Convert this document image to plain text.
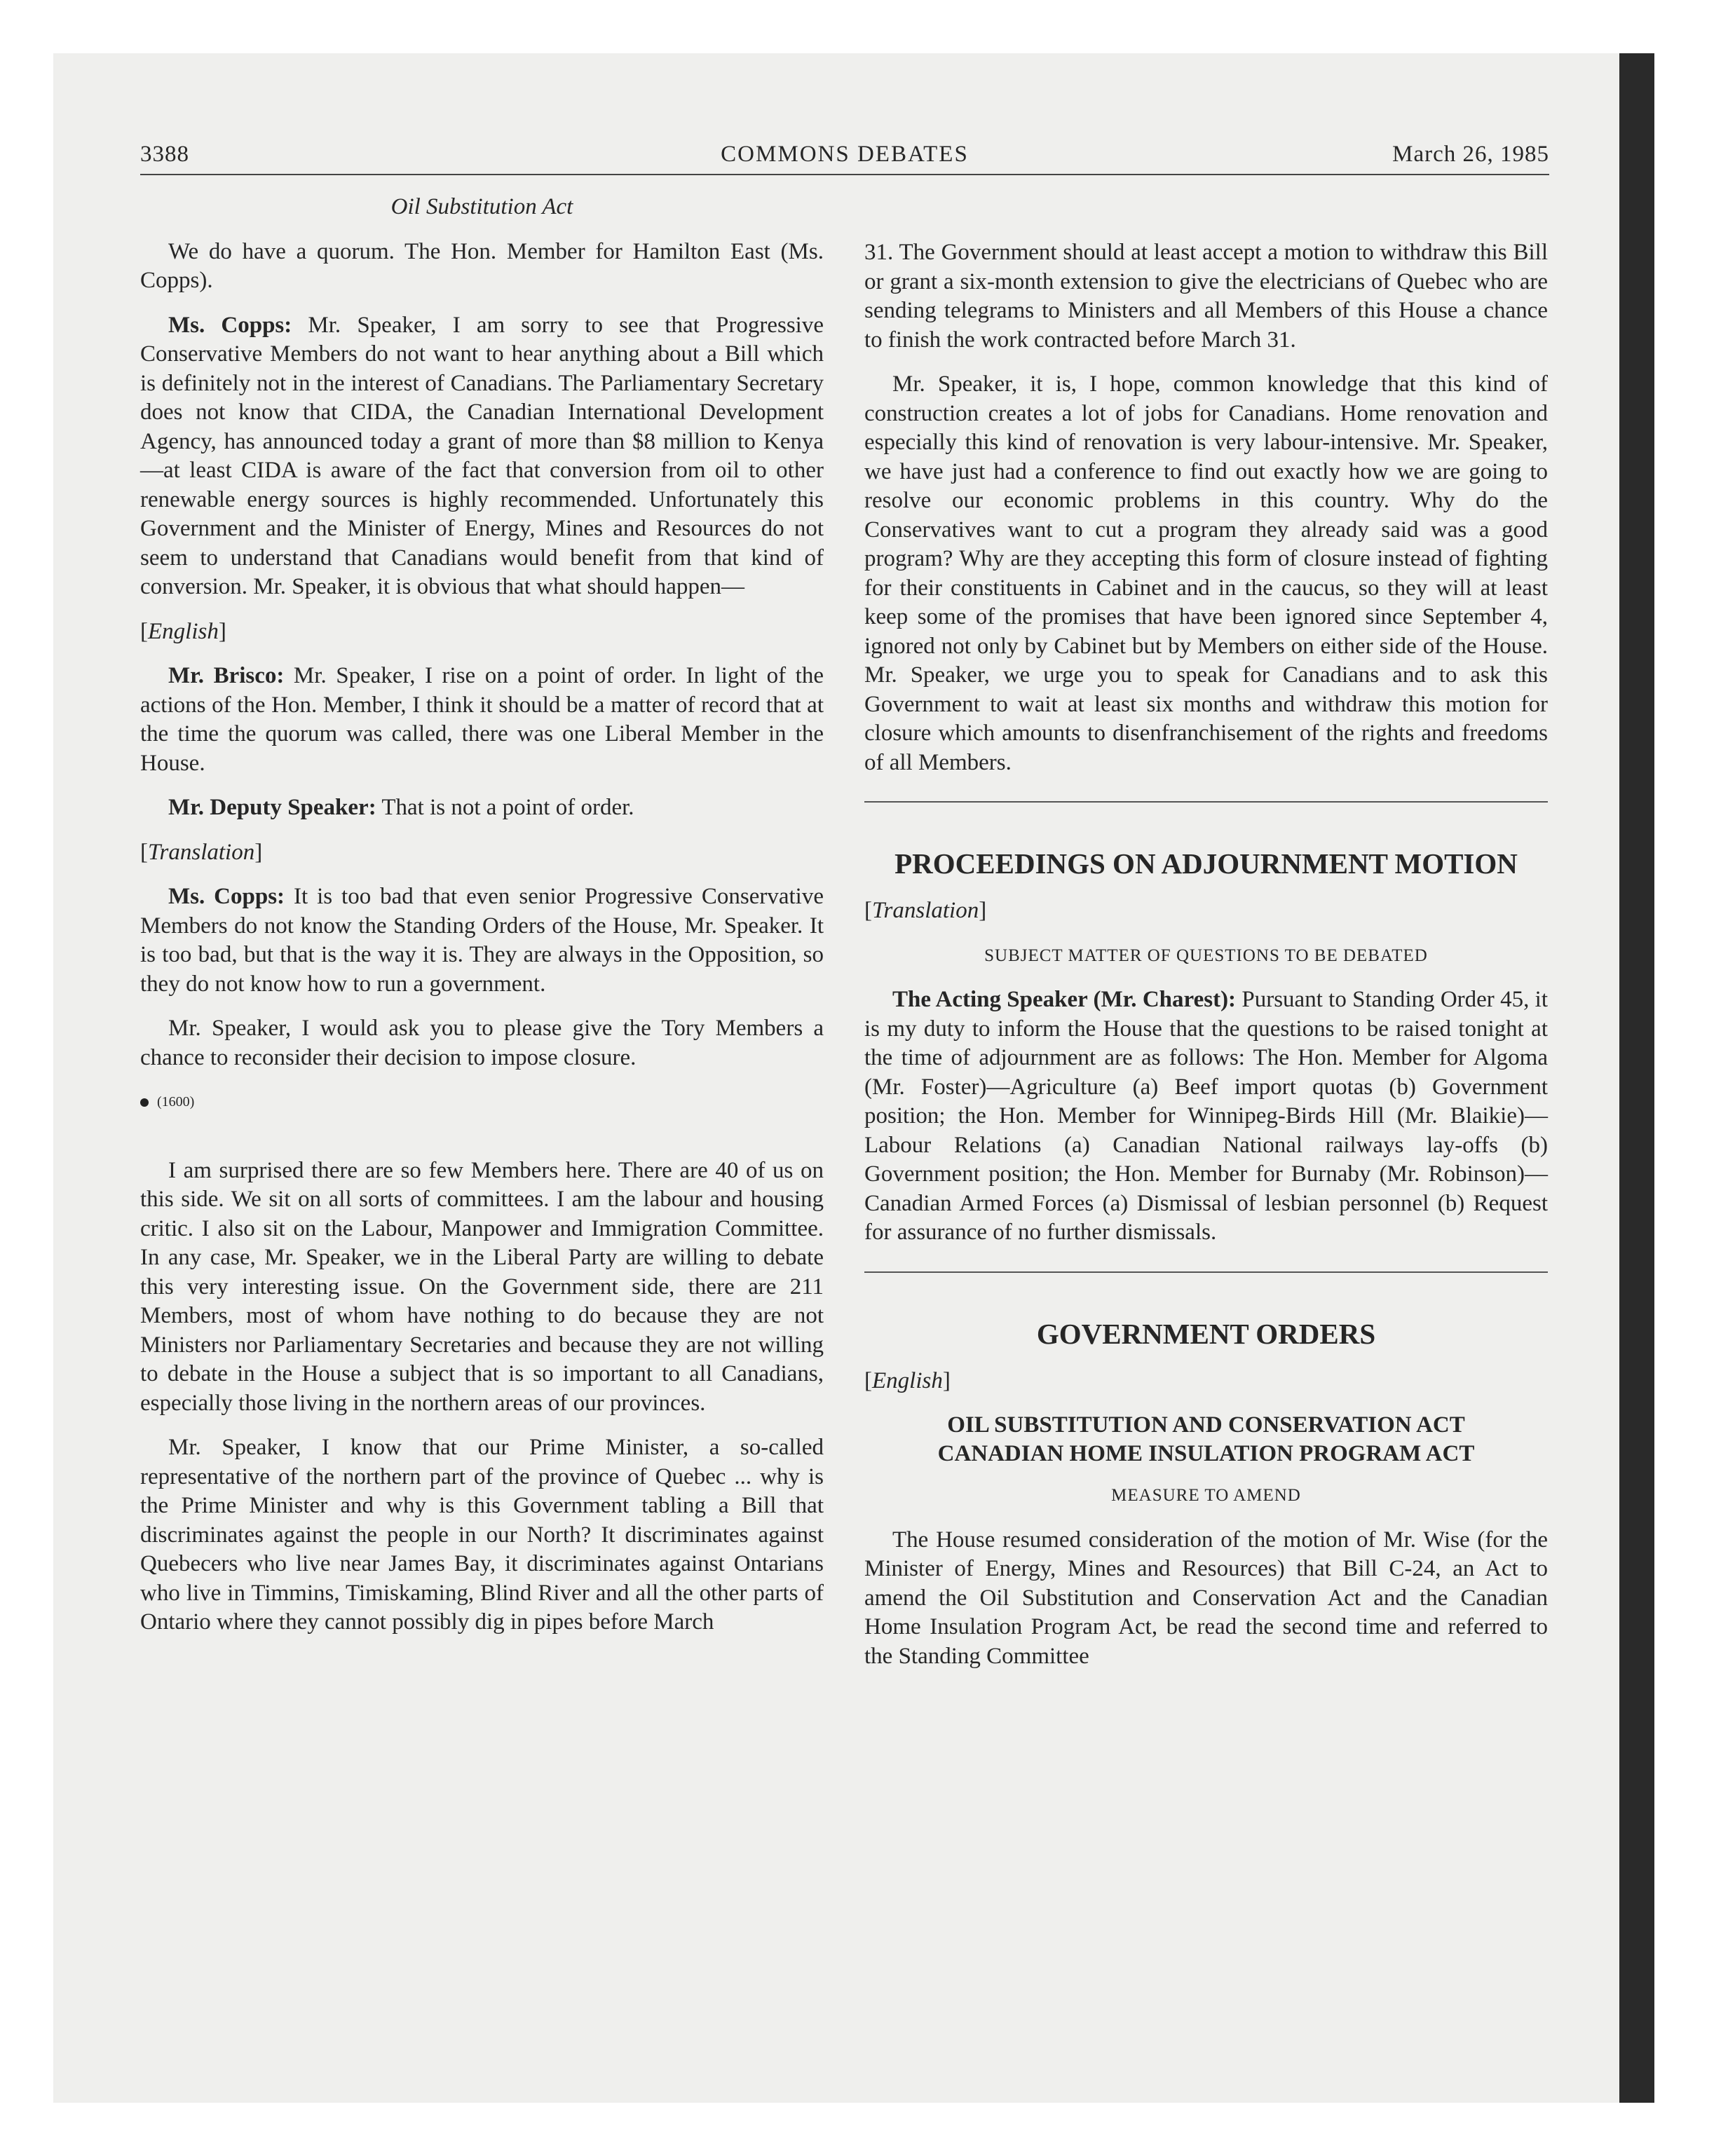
3388	COMMONS DEBATES	March 26, 1985
Oil Substitution Act

We do have a quorum. The Hon. Member for Hamilton East (Ms. Copps).

Ms. Copps: Mr. Speaker, I am sorry to see that Progressive Conservative Members do not want to hear anything about a Bill which is definitely not in the interest of Canadians. The Parliamentary Secretary does not know that CIDA, the Canadian International Development Agency, has announced today a grant of more than $8 million to Kenya—at least CIDA is aware of the fact that conversion from oil to other renewable energy sources is highly recommended. Unfortunately this Government and the Minister of Energy, Mines and Resources do not seem to understand that Canadians would benefit from that kind of conversion. Mr. Speaker, it is obvious that what should happen—

[English]

Mr. Brisco: Mr. Speaker, I rise on a point of order. In light of the actions of the Hon. Member, I think it should be a matter of record that at the time the quorum was called, there was one Liberal Member in the House.

Mr. Deputy Speaker: That is not a point of order.

[Translation]

Ms. Copps: It is too bad that even senior Progressive Conservative Members do not know the Standing Orders of the House, Mr. Speaker. It is too bad, but that is the way it is. They are always in the Opposition, so they do not know how to run a government.

Mr. Speaker, I would ask you to please give the Tory Members a chance to reconsider their decision to impose closure.

(1600)

I am surprised there are so few Members here. There are 40 of us on this side. We sit on all sorts of committees. I am the labour and housing critic. I also sit on the Labour, Manpower and Immigration Committee. In any case, Mr. Speaker, we in the Liberal Party are willing to debate this very interesting issue. On the Government side, there are 211 Members, most of whom have nothing to do because they are not Ministers nor Parliamentary Secretaries and because they are not willing to debate in the House a subject that is so important to all Canadians, especially those living in the northern areas of our provinces.

Mr. Speaker, I know that our Prime Minister, a so-called representative of the northern part of the province of Quebec ... why is the Prime Minister and why is this Government tabling a Bill that discriminates against the people in our North? It discriminates against Quebecers who live near James Bay, it discriminates against Ontarians who live in Timmins, Timiskaming, Blind River and all the other parts of Ontario where they cannot possibly dig in pipes before March

31. The Government should at least accept a motion to withdraw this Bill or grant a six-month extension to give the electricians of Quebec who are sending telegrams to Ministers and all Members of this House a chance to finish the work contracted before March 31.

Mr. Speaker, it is, I hope, common knowledge that this kind of construction creates a lot of jobs for Canadians. Home renovation and especially this kind of renovation is very labour-intensive. Mr. Speaker, we have just had a conference to find out exactly how we are going to resolve our economic problems in this country. Why do the Conservatives want to cut a program they already said was a good program? Why are they accepting this form of closure instead of fighting for their constituents in Cabinet and in the caucus, so they will at least keep some of the promises that have been ignored since September 4, ignored not only by Cabinet but by Members on either side of the House. Mr. Speaker, we urge you to speak for Canadians and to ask this Government to wait at least six months and withdraw this motion for closure which amounts to disenfranchisement of the rights and freedoms of all Members.

PROCEEDINGS ON ADJOURNMENT MOTION
[Translation]
SUBJECT MATTER OF QUESTIONS TO BE DEBATED

The Acting Speaker (Mr. Charest): Pursuant to Standing Order 45, it is my duty to inform the House that the questions to be raised tonight at the time of adjournment are as follows: The Hon. Member for Algoma (Mr. Foster)—Agriculture (a) Beef import quotas (b) Government position; the Hon. Member for Winnipeg-Birds Hill (Mr. Blaikie)—Labour Relations (a) Canadian National railways lay-offs (b) Government position; the Hon. Member for Burnaby (Mr. Robinson)—Canadian Armed Forces (a) Dismissal of lesbian personnel (b) Request for assurance of no further dismissals.

GOVERNMENT ORDERS
[English]
OIL SUBSTITUTION AND CONSERVATION ACT
CANADIAN HOME INSULATION PROGRAM ACT
MEASURE TO AMEND

The House resumed consideration of the motion of Mr. Wise (for the Minister of Energy, Mines and Resources) that Bill C-24, an Act to amend the Oil Substitution and Conservation Act and the Canadian Home Insulation Program Act, be read the second time and referred to the Standing Committee
